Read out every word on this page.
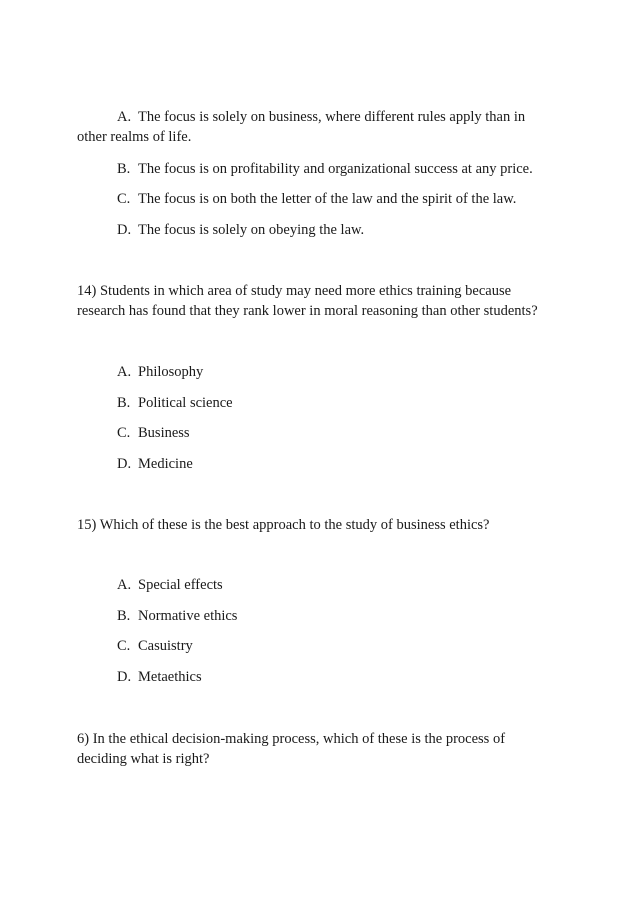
A. The focus is solely on business, where different rules apply than in

other realms of life.

B. The focus is on profitability and organizational success at any price.

C. The focus is on both the letter of the law and the spirit of the law.

D. The focus is solely on obeying the law.

14) Students in which area of study may need more ethics training because

research has found that they rank lower in moral reasoning than other students?

A. Philosophy

B. Political science

C. Business

D. Medicine

15) Which of these is the best approach to the study of business ethics?

A. Special effects

B. Normative ethics

C. Casuistry

D. Metaethics

6) In the ethical decision-making process, which of these is the process of

deciding what is right?
